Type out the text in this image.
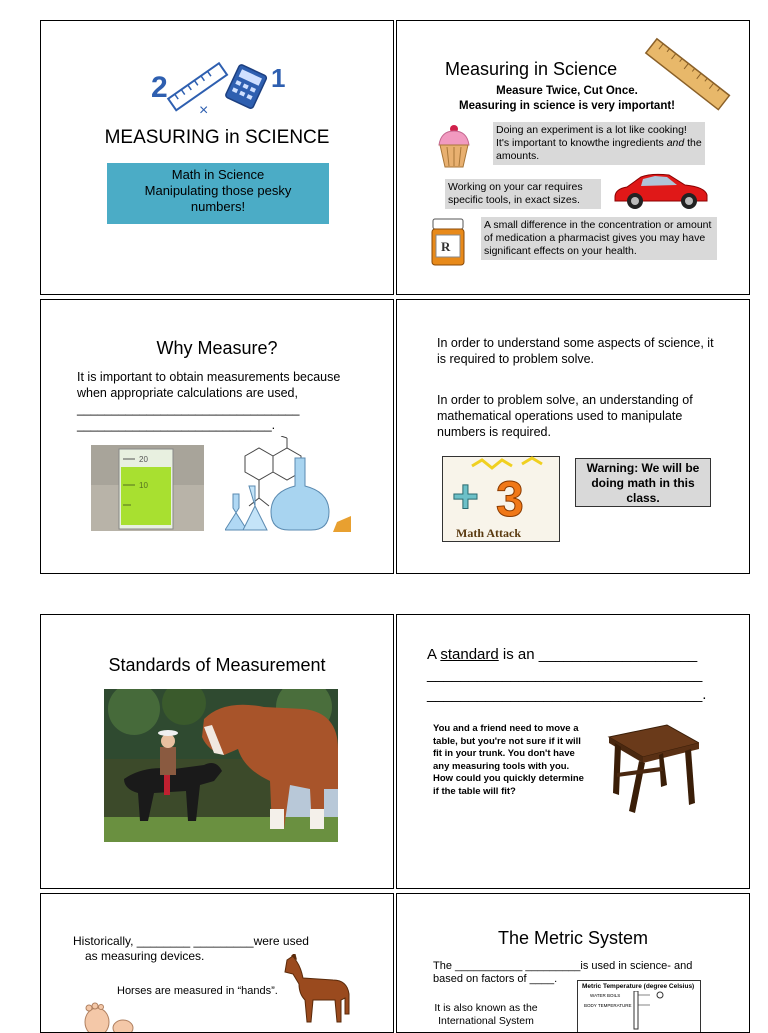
2
×
1
MEASURING in SCIENCE
Math in Science
Manipulating those pesky numbers!
Measuring in Science
Measure Twice, Cut Once.
Measuring in science is very important!
Doing an experiment is a lot like cooking! It's important to knowthe ingredients and the amounts.
Working on your car requires specific tools, in exact sizes.
R
A small difference in the concentration or amount of medication a pharmacist gives you may have significant effects on your health.
Why Measure?
It is important to obtain measurements because when appropriate calculations are used, ________________________________
____________________________.
20
10
In order to understand some aspects of science, it is required to problem solve.
In order to problem solve, an understanding of mathematical operations used to manipulate numbers is required.
+ 3
Math Attack
Warning: We will be doing math in this class.
Standards of Measurement
A standard is an ___________________
_________________________________
_________________________________.
You and a friend need to move a table, but you're not sure if it will fit in your trunk. You don't have any measuring tools with you. How could you quickly determine if the table will fit?
Historically, ________ _________were used
as measuring devices.
Horses are measured in “hands”.
The Metric System
The ___________ _________is used in science- and based on factors of ____.
It is also known as the International System
Metric Temperature (degree Celsius)
WATER BOILS
BODY TEMPERATURE
